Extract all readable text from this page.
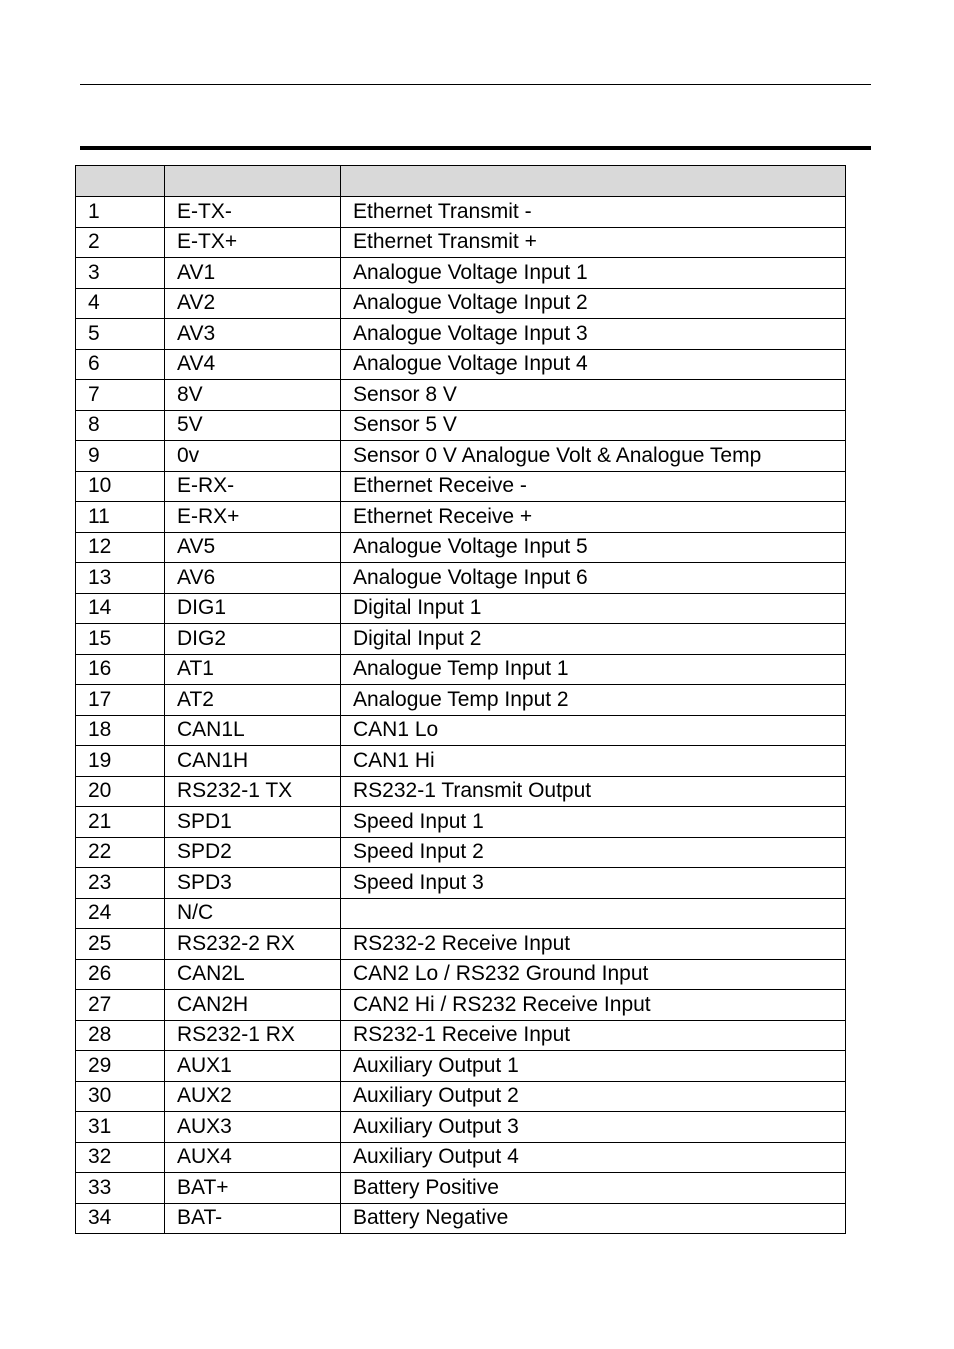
1	E-TX-	Ethernet Transmit -
2	E-TX+	Ethernet Transmit +
3	AV1	Analogue Voltage Input 1
4	AV2	Analogue Voltage Input 2
5	AV3	Analogue Voltage Input 3
6	AV4	Analogue Voltage Input 4
7	8V	Sensor 8 V
8	5V	Sensor 5 V
9	0v	Sensor 0 V Analogue Volt & Analogue Temp
10	E-RX-	Ethernet Receive -
11	E-RX+	Ethernet Receive +
12	AV5	Analogue Voltage Input 5
13	AV6	Analogue Voltage Input 6
14	DIG1	Digital Input 1
15	DIG2	Digital Input 2
16	AT1	Analogue Temp Input 1
17	AT2	Analogue Temp Input 2
18	CAN1L	CAN1 Lo
19	CAN1H	CAN1 Hi
20	RS232-1 TX	RS232-1 Transmit Output
21	SPD1	Speed Input 1
22	SPD2	Speed Input 2
23	SPD3	Speed Input 3
24	N/C	
25	RS232-2 RX	RS232-2 Receive Input
26	CAN2L	CAN2 Lo / RS232 Ground Input
27	CAN2H	CAN2 Hi / RS232 Receive Input
28	RS232-1 RX	RS232-1 Receive Input
29	AUX1	Auxiliary Output 1
30	AUX2	Auxiliary Output 2
31	AUX3	Auxiliary Output 3
32	AUX4	Auxiliary Output 4
33	BAT+	Battery Positive
34	BAT-	Battery Negative
